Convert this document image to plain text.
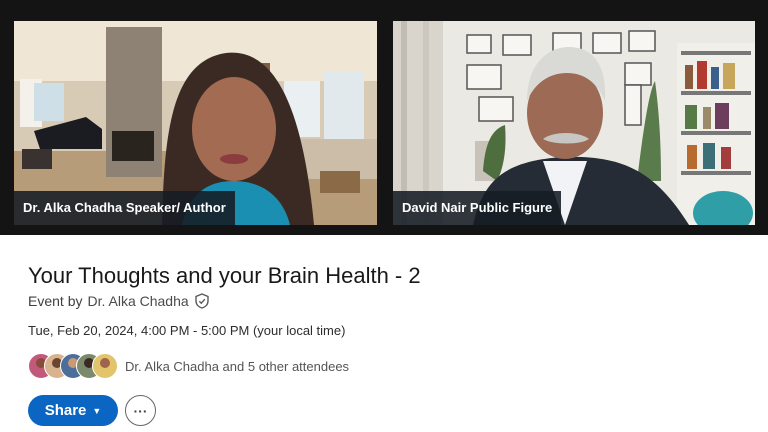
Dr. Alka Chadha Speaker/ Author	David Nair Public Figure
Your Thoughts and your Brain Health - 2
Event by Dr. Alka Chadha
Tue, Feb 20, 2024, 4:00 PM - 5:00 PM (your local time)
Dr. Alka Chadha and 5 other attendees
Share ▼ ···
